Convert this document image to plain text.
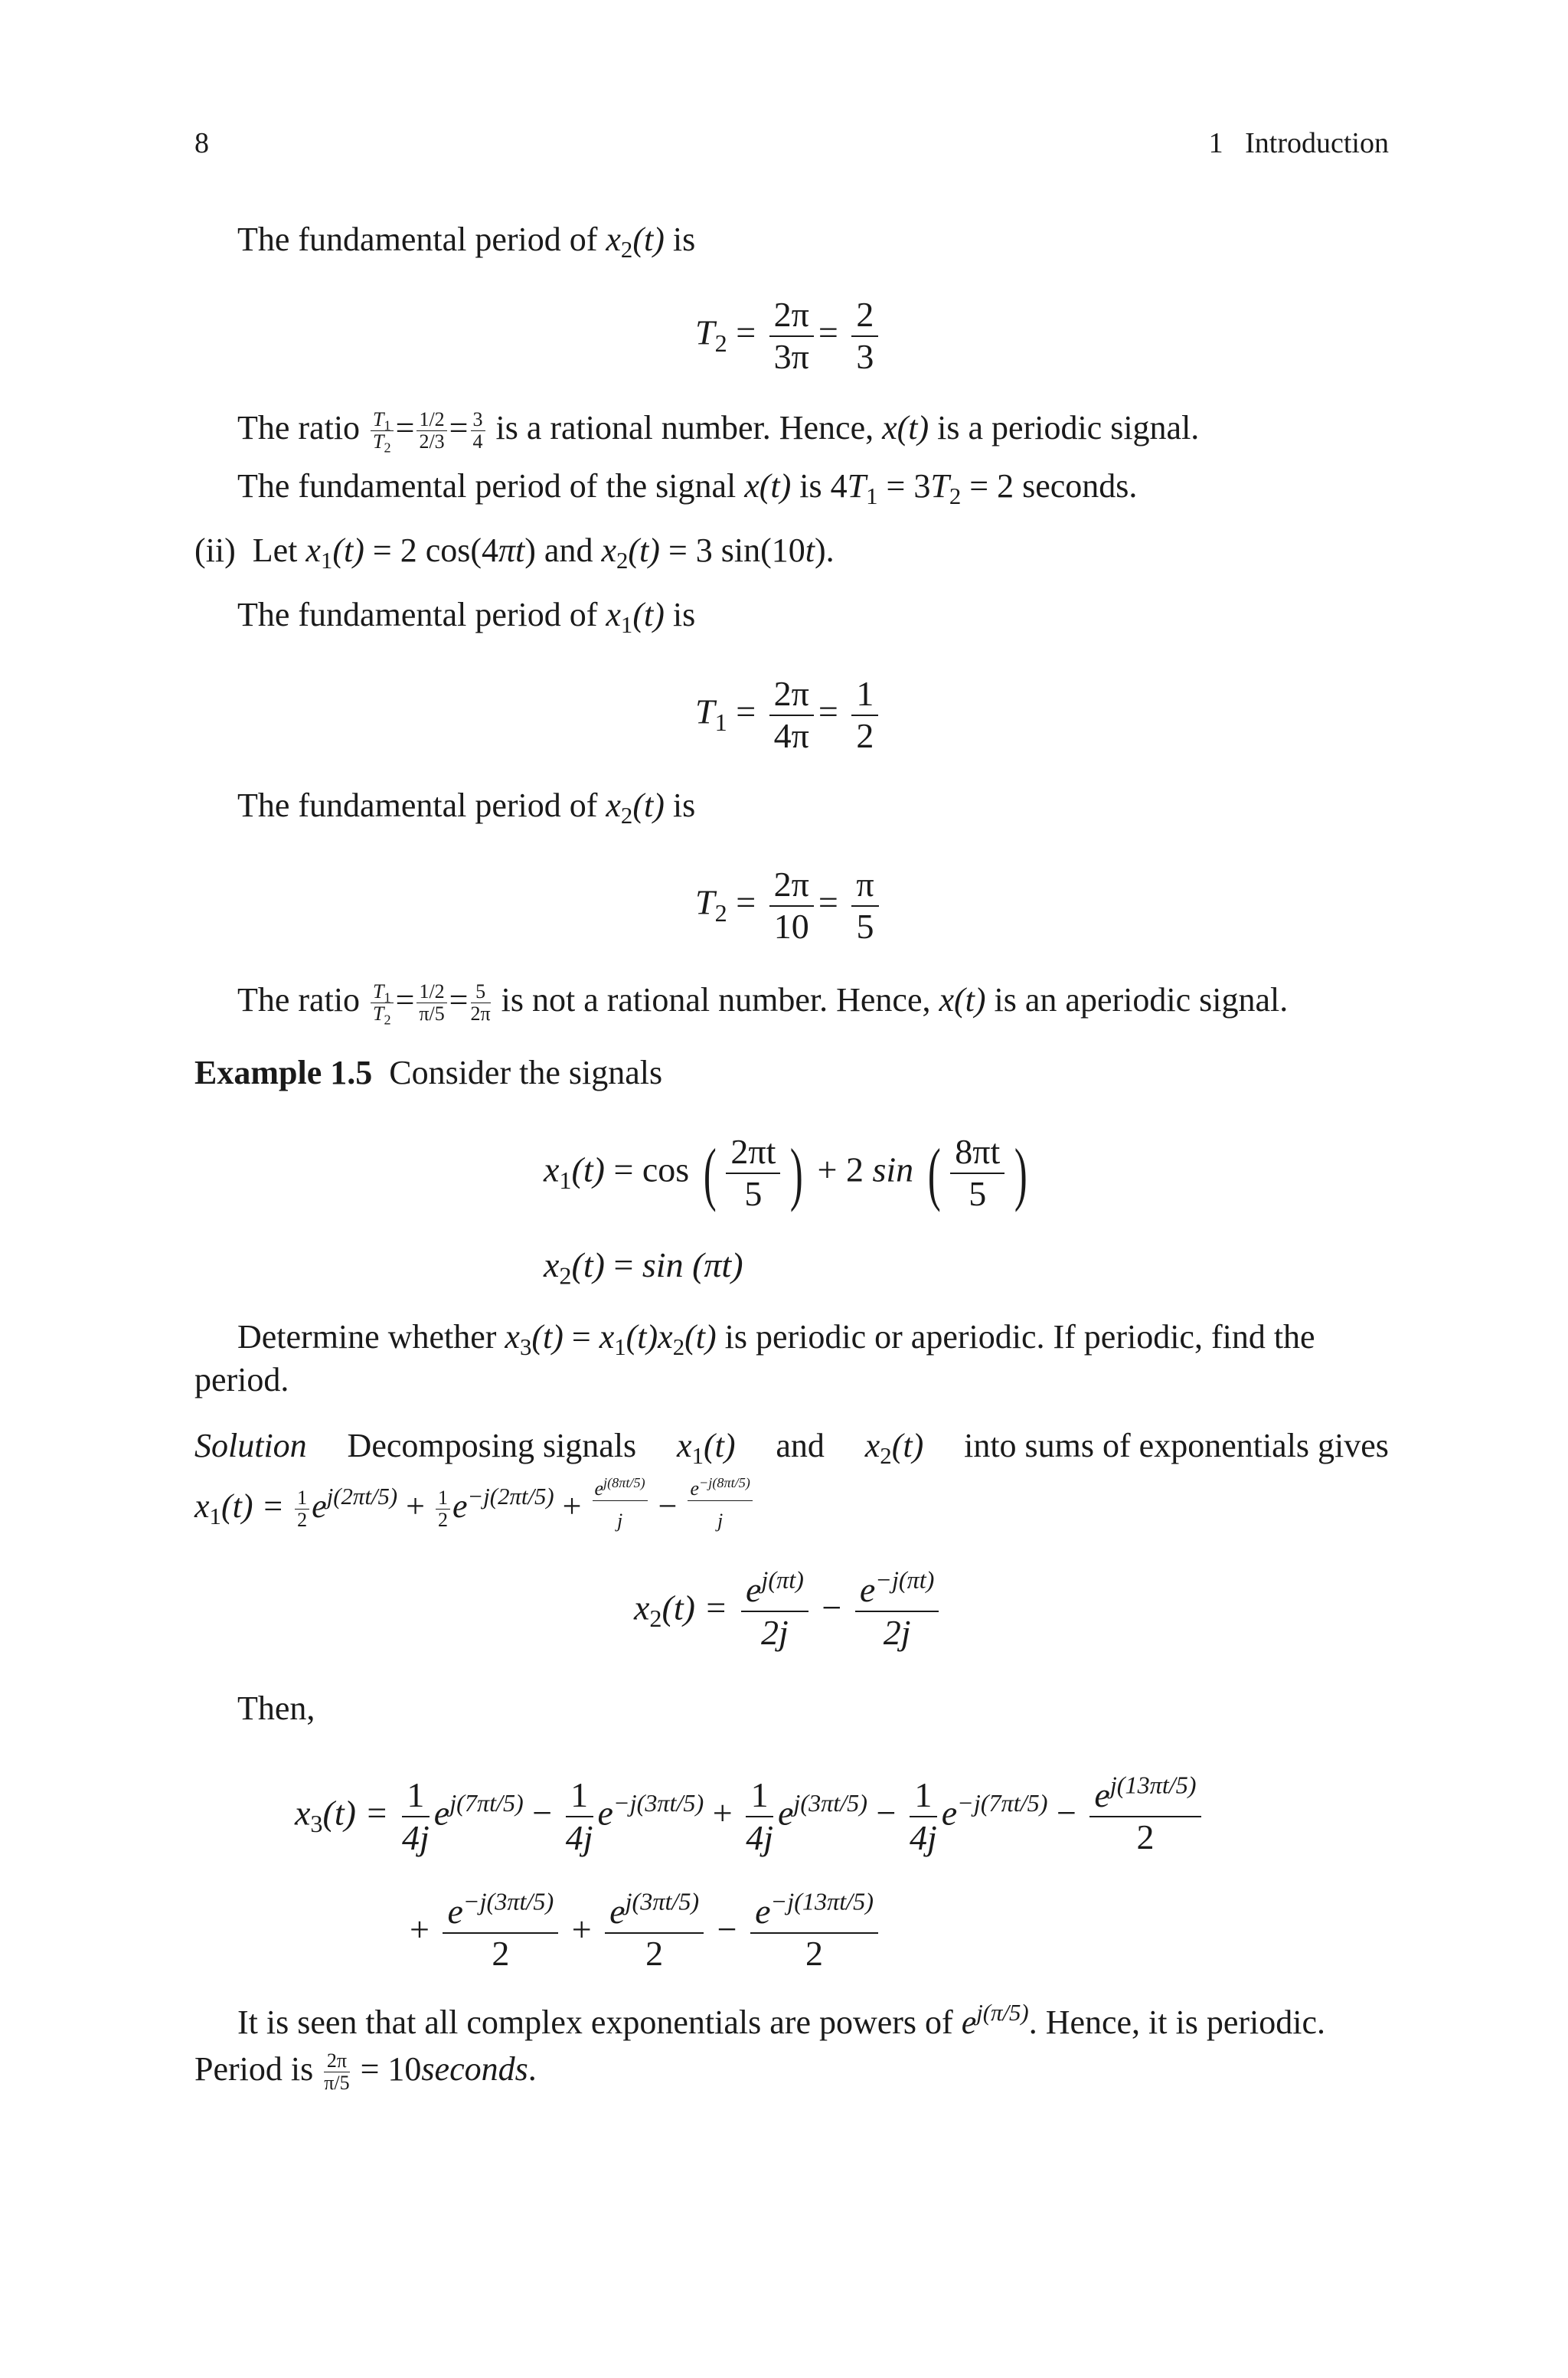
8	1 Introduction
The fundamental period of $x_2(t)$ is
$T_2 = \frac{2\pi}{3\pi} = \frac{2}{3}$
The ratio $\frac{T_1}{T_2} = \frac{1/2}{2/3} = \frac{3}{4}$ is a rational number. Hence, x(t) is a periodic signal.
The fundamental period of the signal x(t) is $4T_1 = 3T_2 = 2$ seconds.
(ii) Let $x_1(t) = 2$ cos(4πt) and $x_2(t) = 3$ sin(10t).
The fundamental period of $x_1(t)$ is
$T_1 = \frac{2\pi}{4\pi} = \frac{1}{2}$
The fundamental period of $x_2(t)$ is
$T_2 = \frac{2\pi}{10} = \frac{\pi}{5}$
The ratio $\frac{T_1}{T_2} = \frac{1/2}{\pi/5} = \frac{5}{2\pi}$ is not a rational number. Hence, x(t) is an aperiodic signal.
Example 1.5 Consider the signals
$x_1(t) = \cos$ ( $\frac{2\pi t}{5}$ ) + 2 sin ( $\frac{8\pi t}{5}$ )
$x_2(t) = \sin (\pi t)$
Determine whether $x_3(t) = x_1(t)x_2(t)$ is periodic or aperiodic. If periodic, find the
period.
Solution Decomposing signals $x_1(t)$ and $x_2(t)$ into sums of exponentials gives
$x_1(t) = \frac{1}{2} e^{j(2\pi t/5)} + \frac{1}{2} e^{-j(2\pi t/5)} + \frac{e^{j(8\pi t/5)}}{j} - \frac{e^{-j(8\pi t/5)}}{j}$
$x_2(t) = \frac{e^{j(\pi t)}}{2j} - \frac{e^{-j(\pi t)}}{2j}$
Then,
$x_3(t) = \frac{1}{4j} e^{j(7\pi t/5)} - \frac{1}{4j} e^{-j(3\pi t/5)} + \frac{1}{4j} e^{j(3\pi t/5)} - \frac{1}{4j} e^{-j(7\pi t/5)} - \frac{e^{j(13\pi t/5)}}{2}$
+ $\frac{e^{-j(3\pi t/5)}}{2} + \frac{e^{j(3\pi t/5)}}{2} - \frac{e^{-j(13\pi t/5)}}{2}$
It is seen that all complex exponentials are powers of $e^{j(\pi/5)}$. Hence, it is periodic.
Period is $\frac{2\pi}{\pi/5}$ = 10seconds.
